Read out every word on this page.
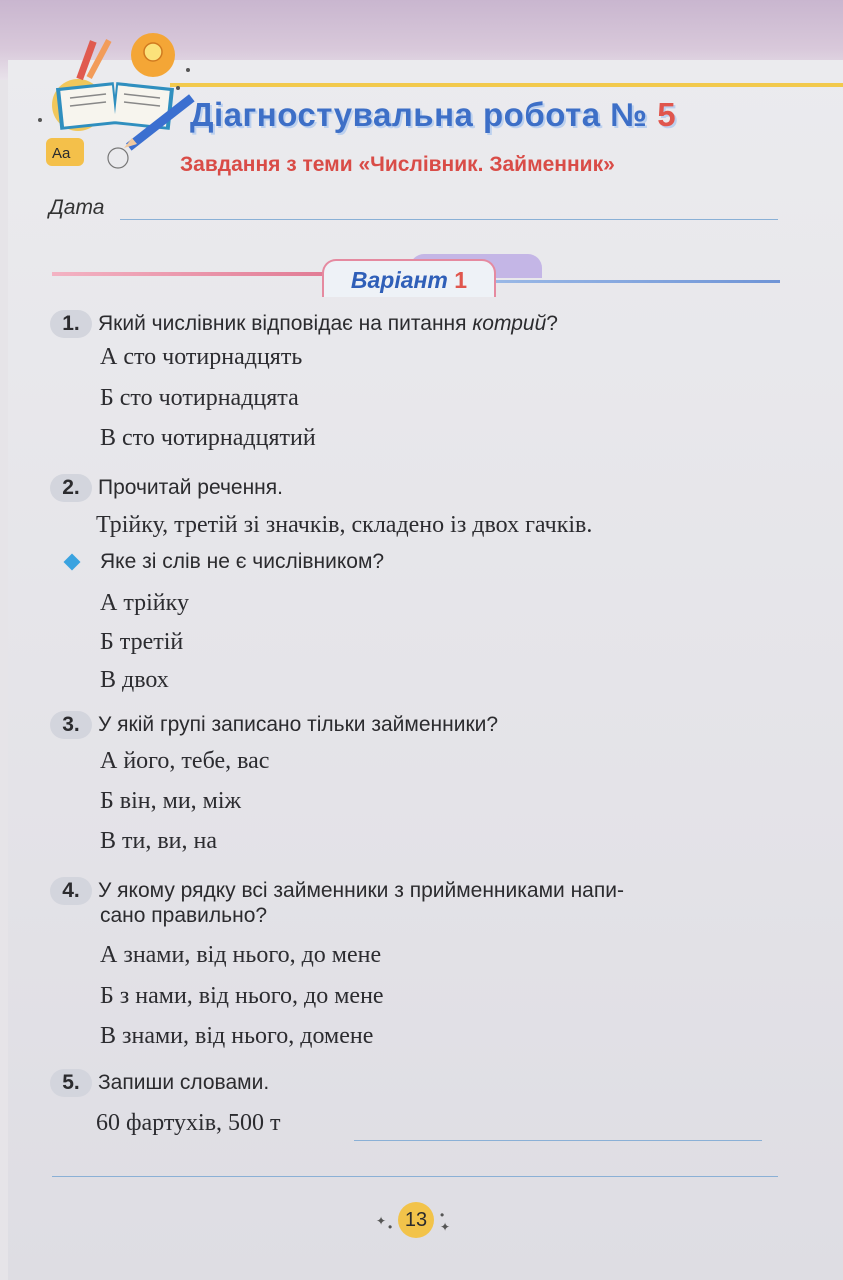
Aa
Діагностувальна робота № 5
Завдання з теми «Числівник. Займенник»
Дата
Варіант 1
1. Який числівник відповідає на питання котрий?
А сто чотирнадцять
Б сто чотирнадцята
В сто чотирнадцятий
2. Прочитай речення.
Трійку, третій зі значків, складено із двох гачків.
Яке зі слів не є числівником?
А трійку
Б третій
В двох
3. У якій групі записано тільки займенники?
А його, тебе, вас
Б він, ми, між
В ти, ви, на
4. У якому рядку всі займенники з прийменниками напи-
сано правильно?
А знами, від нього, до мене
Б з нами, від нього, до мене
В знами, від нього, домене
5. Запиши словами.
60 фартухів, 500 т
✦ • 13	•
✦
